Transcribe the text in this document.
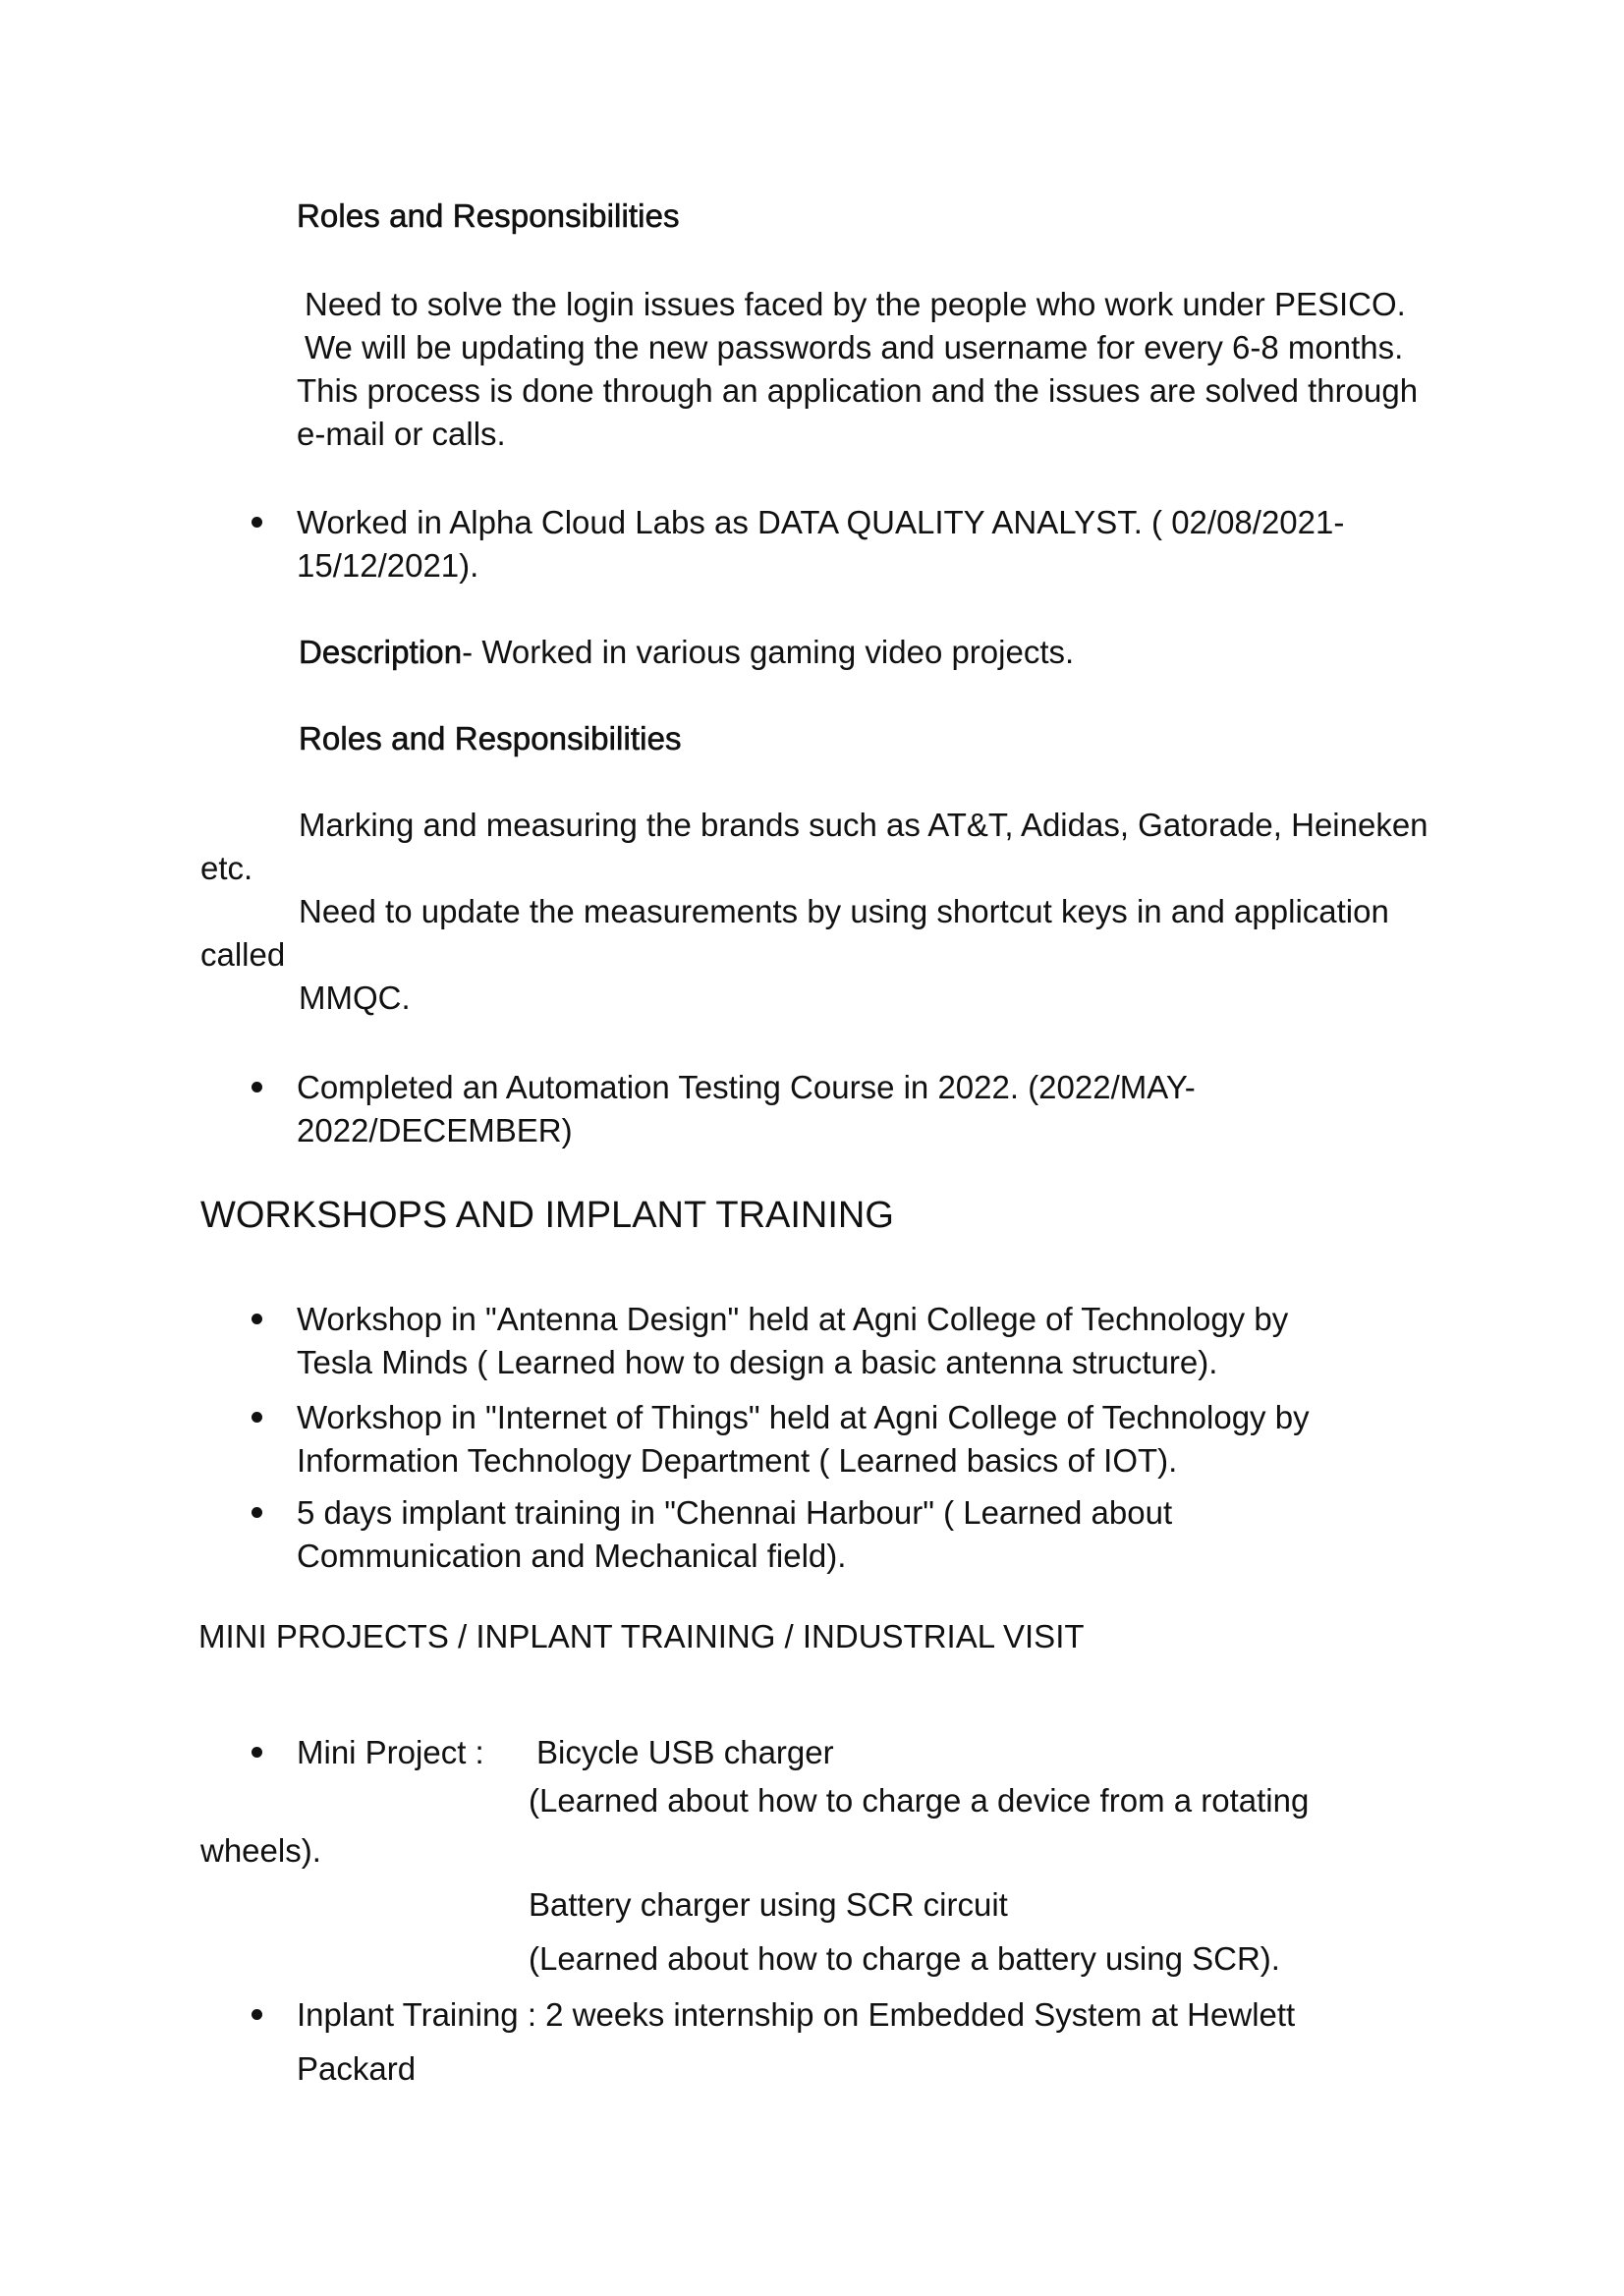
Roles and Responsibilities
Need to solve the login issues faced by the people who work under PESICO.
We will be updating the new passwords and username for every 6-8 months.
This process is done through an application and the issues are solved through
e-mail or calls.
Worked in Alpha Cloud Labs as DATA QUALITY ANALYST. ( 02/08/2021-
15/12/2021).
Description- Worked in various gaming video projects.
Roles and Responsibilities
Marking and measuring the brands such as AT&T, Adidas, Gatorade, Heineken
etc.
Need to update the measurements by using shortcut keys in and application
called
MMQC.
Completed an Automation Testing Course in 2022. (2022/MAY-
2022/DECEMBER)
WORKSHOPS AND IMPLANT TRAINING
Workshop in "Antenna Design" held at Agni College of Technology by
Tesla Minds ( Learned how to design a basic antenna structure).
Workshop in "Internet of Things" held at Agni College of Technology by
Information Technology Department ( Learned basics of IOT).
5 days implant training in "Chennai Harbour" ( Learned about
Communication and Mechanical field).
MINI PROJECTS / INPLANT TRAINING / INDUSTRIAL VISIT
Mini Project : Bicycle USB charger
(Learned about how to charge a device from a rotating
wheels).
Battery charger using SCR circuit
(Learned about how to charge a battery using SCR).
Inplant Training : 2 weeks internship on Embedded System at Hewlett
Packard
